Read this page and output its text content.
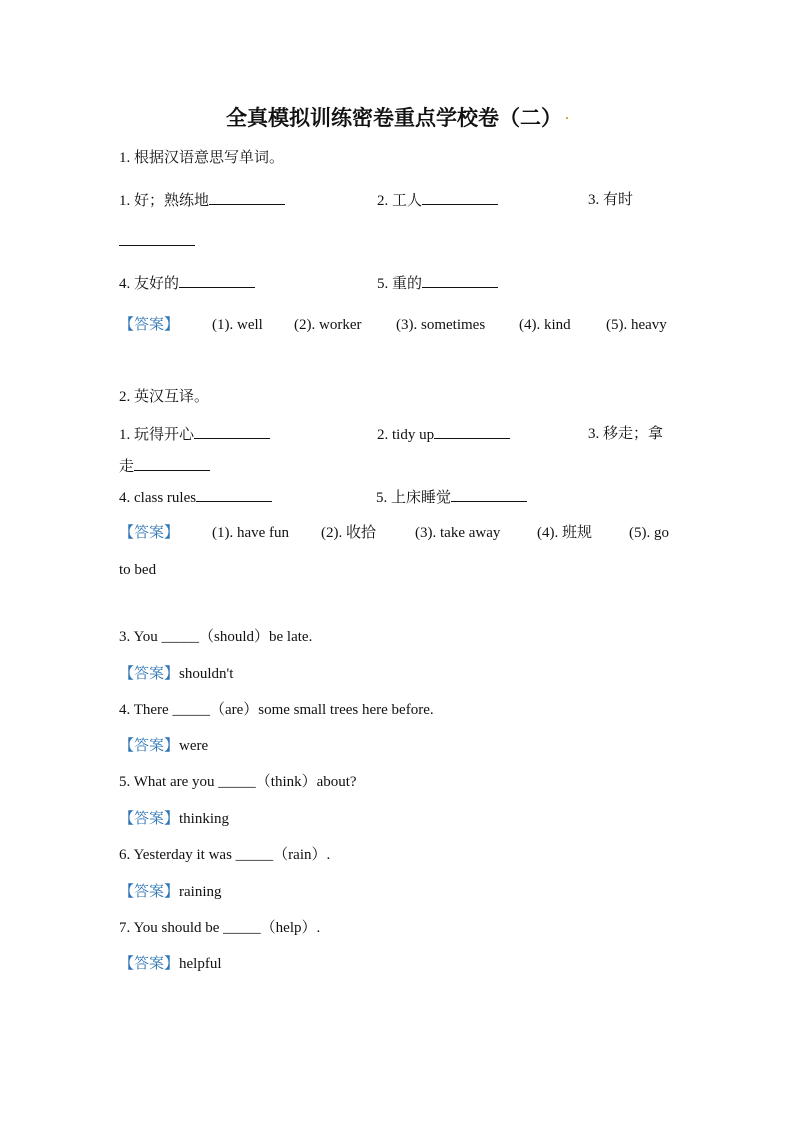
全真模拟训练密卷重点学校卷（二）
1. 根据汉语意思写单词。
1. 好；熟练地	2. 工人	3. 有时
4. 友好的	5. 重的
【答案】 (1). well (2). worker (3). sometimes (4). kind (5). heavy
2. 英汉互译。
1. 玩得开心	2. tidy up	3. 移走；拿
走
4. class rules	5. 上床睡觉
【答案】 (1). have fun (2). 收拾	(3). take away (4). 班规 (5). go
to bed
3. You _____（should）be late.
【答案】shouldn't
4. There _____（are）some small trees here before.
【答案】were
5. What are you _____（think）about?
【答案】thinking
6. Yesterday it was _____（rain）.
【答案】raining
7. You should be _____（help）.
【答案】helpful
